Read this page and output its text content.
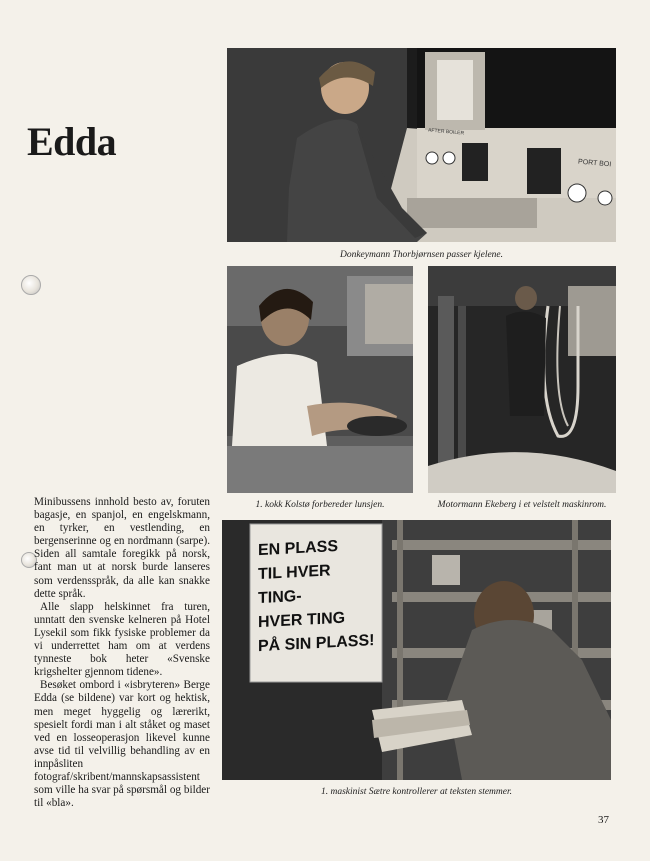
Edda
Donkeymann Thorbjørnsen passer kjelene.
1. kokk Kolstø forbereder lunsjen.	Motormann Ekeberg i et velstelt maskinrom.
EN PLASS
TIL HVER TING-
HVER TING
PÅ SIN PLASS!
1. maskinist Sætre kontrollerer at teksten stemmer.
AFTER BOILER
PORT BOI

Minibussens innhold besto av, foruten bagasje, en spanjol, en engelskmann, en tyrker, en vestlending, en bergenserinne og en nordmann (sarpe). Siden all samtale foregikk på norsk, fant man ut at norsk burde lanseres som verdensspråk, da alle kan snakke dette språk.

Alle slapp helskinnet fra turen, unntatt den svenske kelneren på Hotel Lysekil som fikk fysiske problemer da vi underrettet ham om at verdens tynneste bok heter «Svenske krigshelter gjennom tidene».

Besøket ombord i «isbryteren» Berge Edda (se bildene) var kort og hektisk, men meget hyggelig og lærerikt, spesielt fordi man i alt ståket og maset ved en losseoperasjon likevel kunne avse tid til velvillig behandling av en innpåsliten fotograf/skribent/mannskapsassistent som ville ha svar på spørsmål og bilder til «bla».

37
